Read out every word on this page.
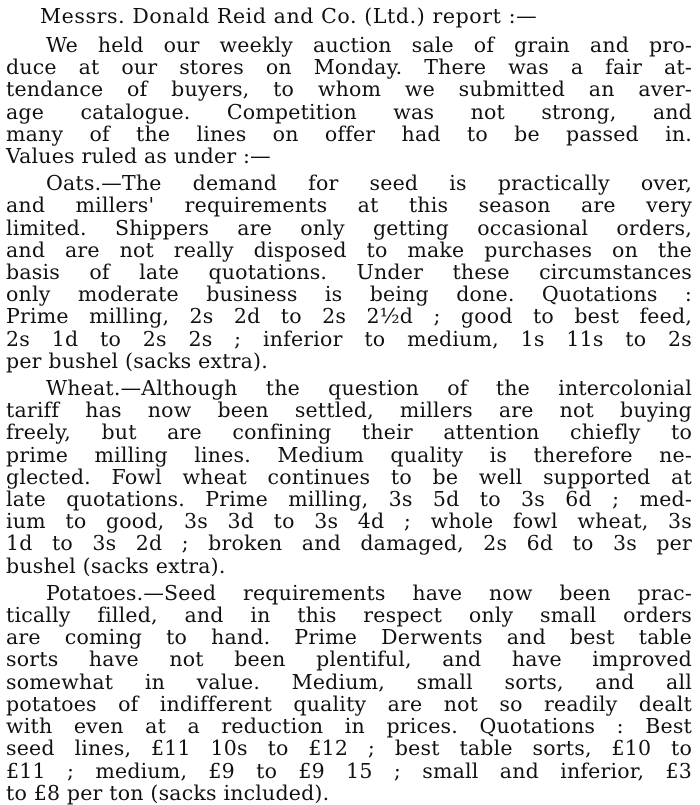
Messrs. Donald Reid and Co. (Ltd.) report :—
We held our weekly auction sale of grain and pro-
duce at our stores on Monday. There was a fair at-
tendance of buyers, to whom we submitted an aver-
age catalogue. Competition was not strong, and
many of the lines on offer had to be passed in.
Values ruled as under :—
Oats.—The demand for seed is practically over,
and millers' requirements at this season are very
limited. Shippers are only getting occasional orders,
and are not really disposed to make purchases on the
basis of late quotations. Under these circumstances
only moderate business is being done. Quotations :
Prime milling, 2s 2d to 2s 2½d ; good to best feed,
2s 1d to 2s 2s ; inferior to medium, 1s 11s to 2s
per bushel (sacks extra).
Wheat.—Although the question of the intercolonial
tariff has now been settled, millers are not buying
freely, but are confining their attention chiefly to
prime milling lines. Medium quality is therefore ne-
glected. Fowl wheat continues to be well supported at
late quotations. Prime milling, 3s 5d to 3s 6d ; med-
ium to good, 3s 3d to 3s 4d ; whole fowl wheat, 3s
1d to 3s 2d ; broken and damaged, 2s 6d to 3s per
bushel (sacks extra).
Potatoes.—Seed requirements have now been prac-
tically filled, and in this respect only small orders
are coming to hand. Prime Derwents and best table
sorts have not been plentiful, and have improved
somewhat in value. Medium, small sorts, and all
potatoes of indifferent quality are not so readily dealt
with even at a reduction in prices. Quotations : Best
seed lines, £11 10s to £12 ; best table sorts, £10 to
£11 ; medium, £9 to £9 15 ; small and inferior, £3
to £8 per ton (sacks included).
